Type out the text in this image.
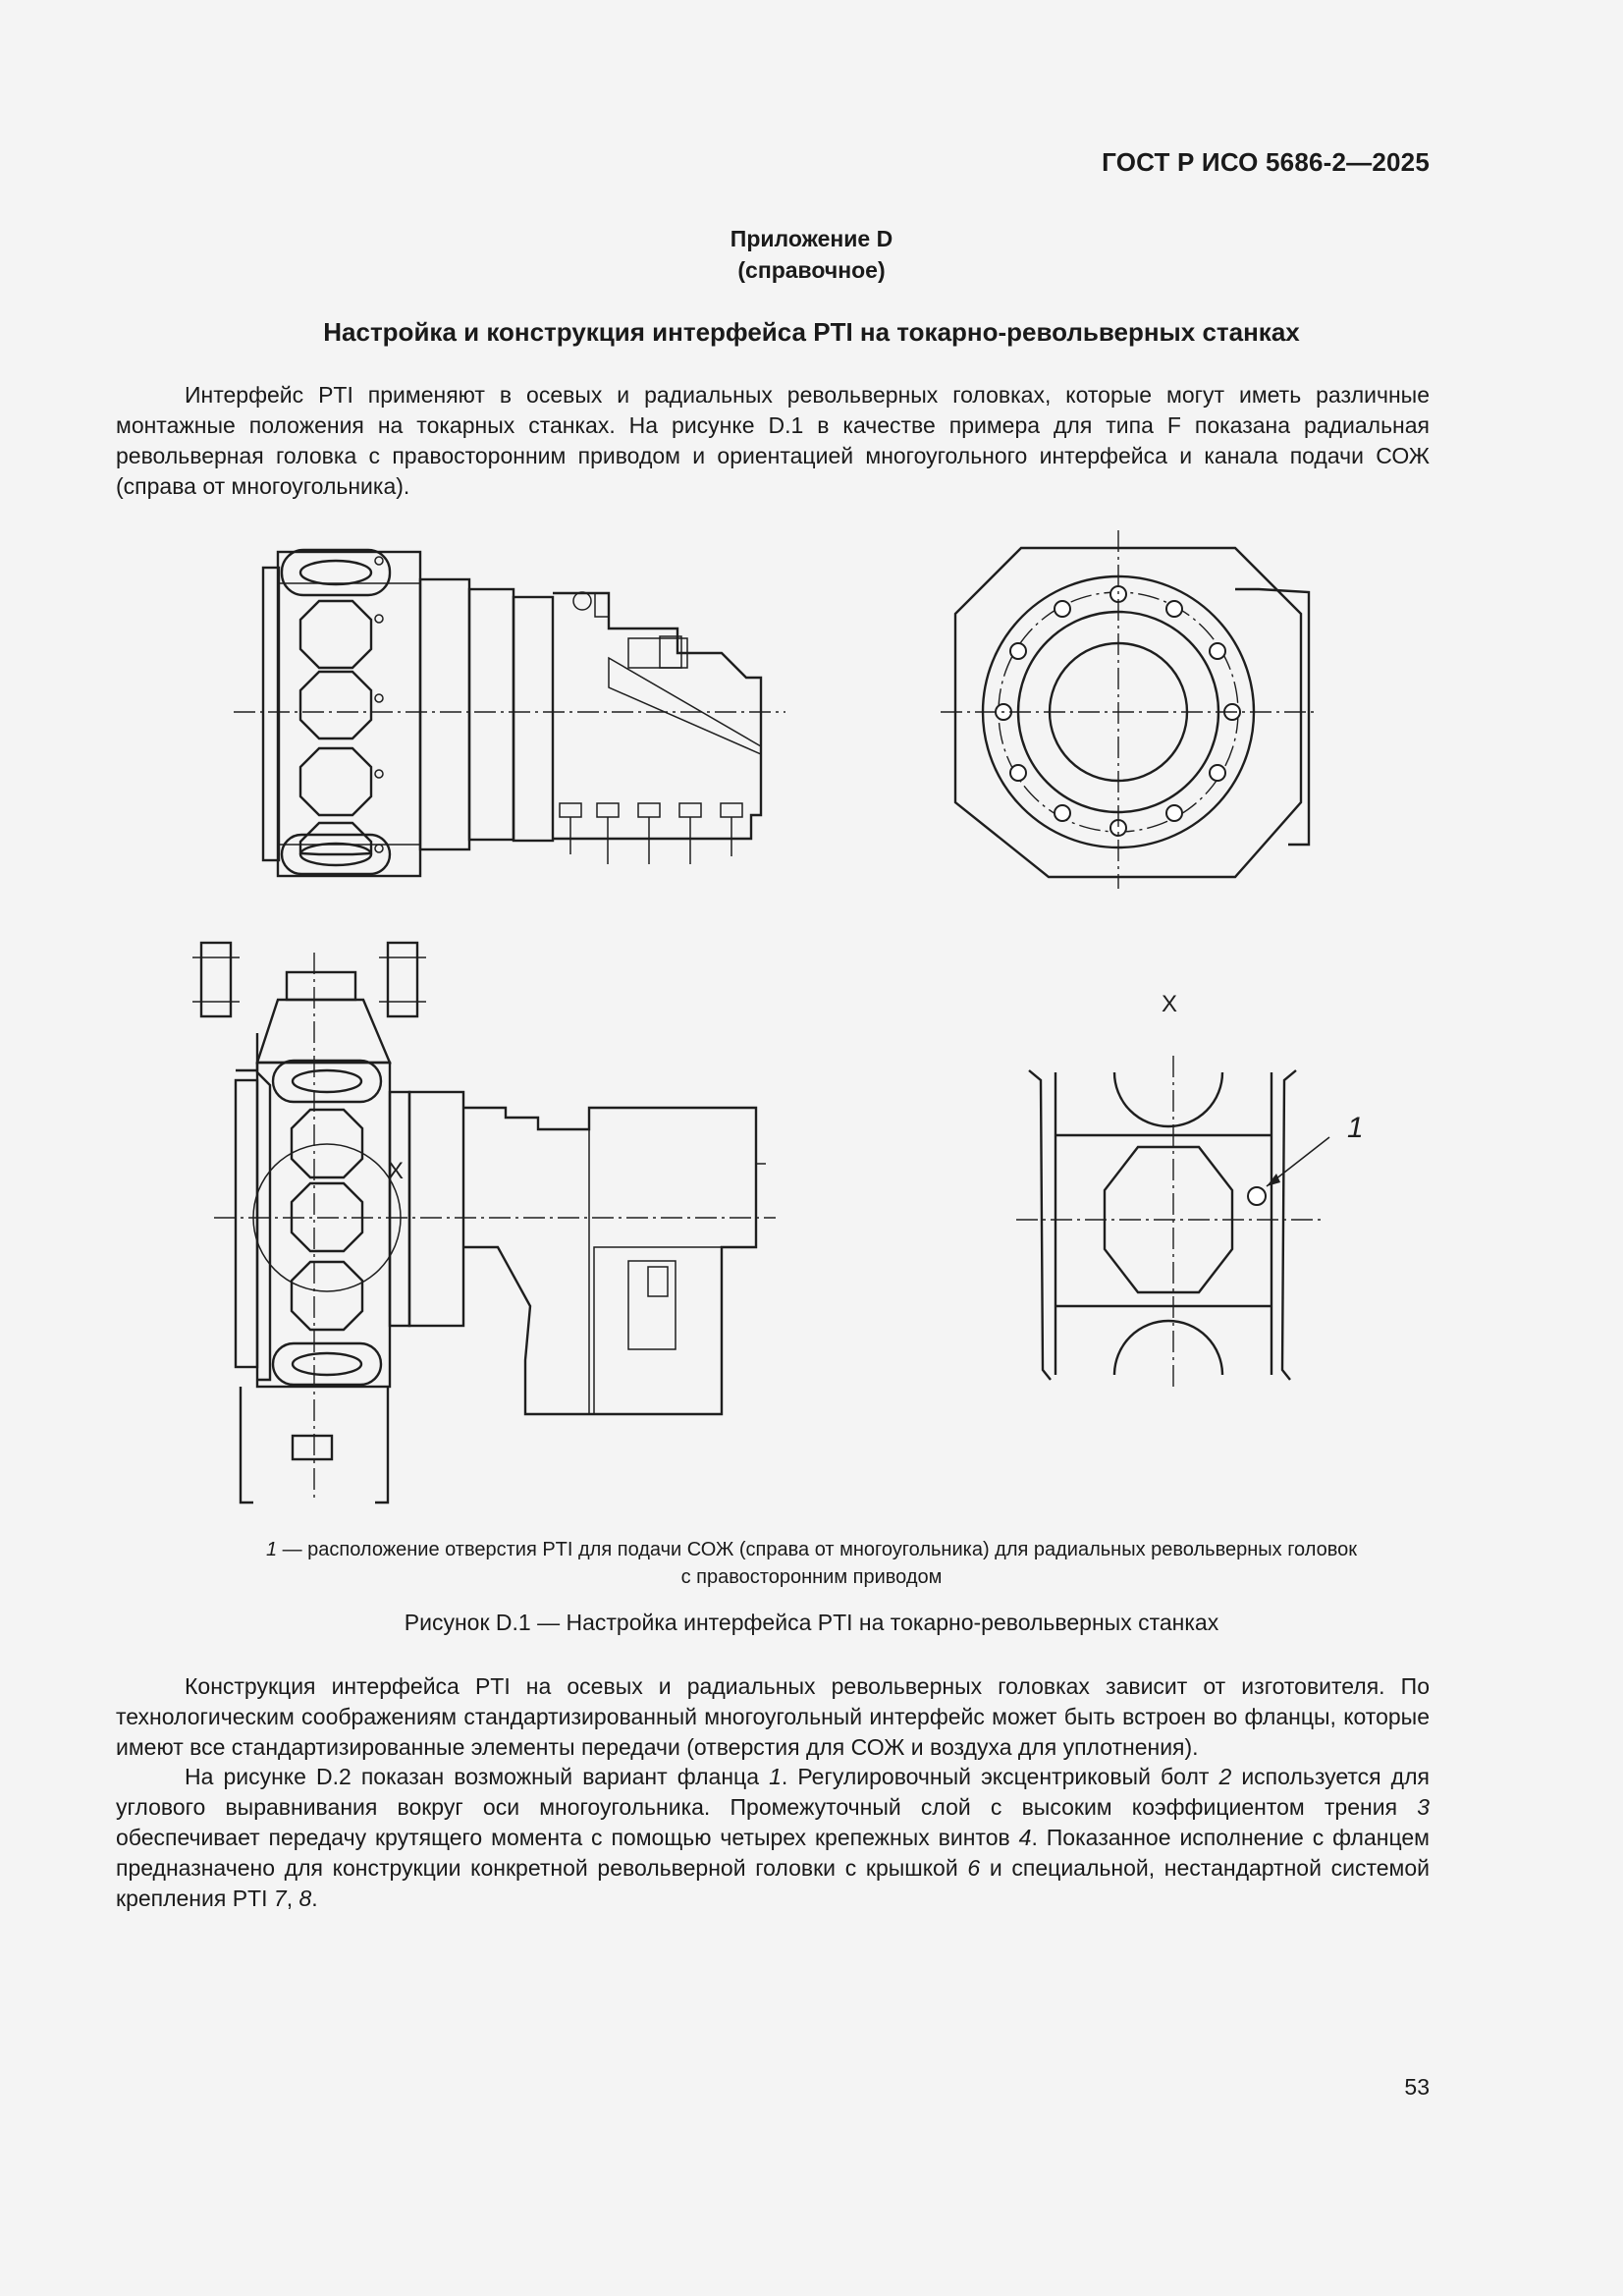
ГОСТ Р ИСО 5686-2—2025
Приложение D
(справочное)
Настройка и конструкция интерфейса PTI на токарно-револьверных станках

Интерфейс PTI применяют в осевых и радиальных револьверных головках, которые могут иметь различные монтажные положения на токарных станках. На рисунке D.1 в качестве примера для типа F показана радиальная револьверная головка с правосторонним приводом и ориентацией многоугольного интерфейса и канала подачи СОЖ (справа от многоугольника).

X
X
1
1 — расположение отверстия PTI для подачи СОЖ (справа от многоугольника) для радиальных револьверных головок
с правосторонним приводом
Рисунок D.1 — Настройка интерфейса PTI на токарно-револьверных станках

Конструкция интерфейса PTI на осевых и радиальных револьверных головках зависит от изготовителя. По технологическим соображениям стандартизированный многоугольный интерфейс может быть встроен во фланцы, которые имеют все стандартизированные элементы передачи (отверстия для СОЖ и воздуха для уплотнения).

На рисунке D.2 показан возможный вариант фланца 1. Регулировочный эксцентриковый болт 2 используется для углового выравнивания вокруг оси многоугольника. Промежуточный слой с высоким коэффициентом трения 3 обеспечивает передачу крутящего момента с помощью четырех крепежных винтов 4. Показанное исполнение с фланцем предназначено для конструкции конкретной револьверной головки с крышкой 6 и специальной, нестандартной системой крепления PTI 7, 8.

53
